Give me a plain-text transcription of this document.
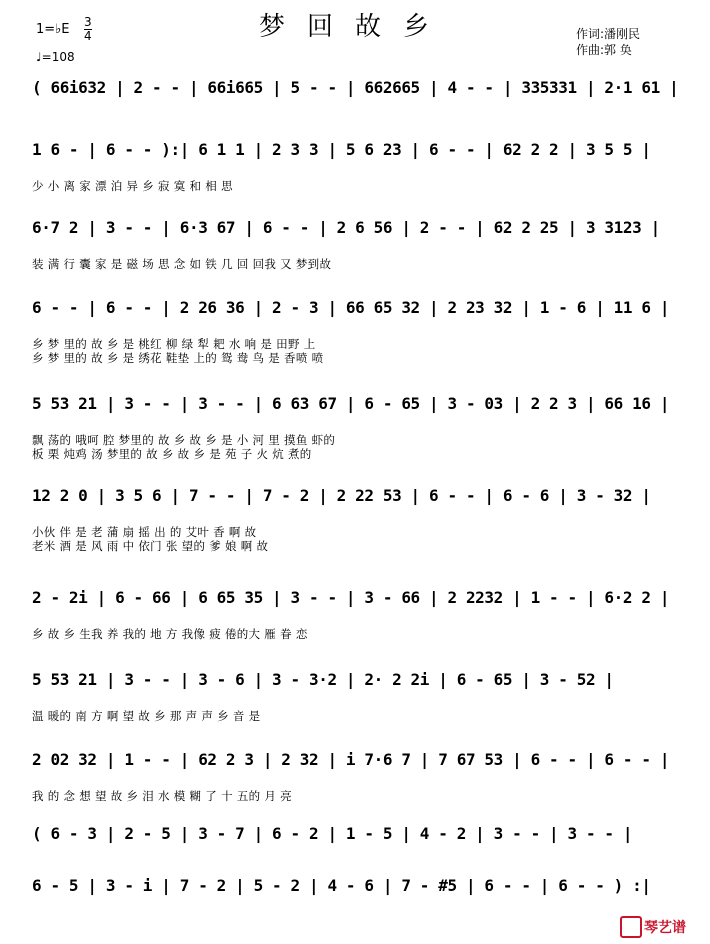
梦回故乡
1=♭E 3
4
♩=108
作词:潘刚民
作曲:郭 奂
( 66i632 | 2 - - | 66i665 | 5 - - | 662665 | 4 - - | 335331 | 2·1 61 |
1 6 - | 6 - - ):| 6 1 1 | 2 3 3 | 5 6 23 | 6 - - | 62 2 2 | 3 5 5 |
少 小 离 家 漂 泊 异 乡 寂 寞 和 相 思
6·7 2 | 3 - - | 6·3 67 | 6 - - | 2 6 56 | 2 - - | 62 2 25 | 3 3123 |
装 满 行 囊 家 是 磁 场 思 念 如 铁 几 回 回我 又 梦到故
6 - - | 6 - - | 2 26 36 | 2 - 3 | 66 65 32 | 2 23 32 | 1 - 6 | 11 6 |
乡 梦 里的 故 乡 是 桃红 柳 绿 犁 耙 水 响 是 田野 上
乡 梦 里的 故 乡 是 绣花 鞋垫 上的 鸳 鸯 鸟 是 香喷 喷
5 53 21 | 3 - - | 3 - - | 6 63 67 | 6 - 65 | 3 - 03 | 2 2 3 | 66 16 |
飘 荡的 哦呵 腔 梦里的 故 乡 故 乡 是 小 河 里 摸鱼 虾的
板 栗 炖鸡 汤 梦里的 故 乡 故 乡 是 苑 子 火 炕 煮的
12 2 0 | 3 5 6 | 7 - - | 7 - 2 | 2 22 53 | 6 - - | 6 - 6 | 3 - 32 |
小伙 伴 是 老 蒲 扇 摇 出 的 艾叶 香 啊 故
老米 酒 是 风 雨 中 依门 张 望的 爹 娘 啊 故
2 - 2i | 6 - 66 | 6 65 35 | 3 - - | 3 - 66 | 2 2232 | 1 - - | 6·2 2 |
乡 故 乡 生我 养 我的 地 方 我像 疲 倦的大 雁 眷 恋
5 53 21 | 3 - - | 3 - 6 | 3 - 3·2 | 2· 2 2i | 6 - 65 | 3 - 52 |
温 暖的 南 方 啊 望 故 乡 那 声 声 乡 音 是
2 02 32 | 1 - - | 62 2 3 | 2 32 | i 7·6 7 | 7 67 53 | 6 - - | 6 - - |
我 的 念 想 望 故 乡 泪 水 模 糊 了 十 五的 月 亮
( 6 - 3 | 2 - 5 | 3 - 7 | 6 - 2 | 1 - 5 | 4 - 2 | 3 - - | 3 - - |
6 - 5 | 3 - i | 7 - 2 | 5 - 2 | 4 - 6 | 7 - #5 | 6 - - | 6 - - ) :|
琴艺谱
